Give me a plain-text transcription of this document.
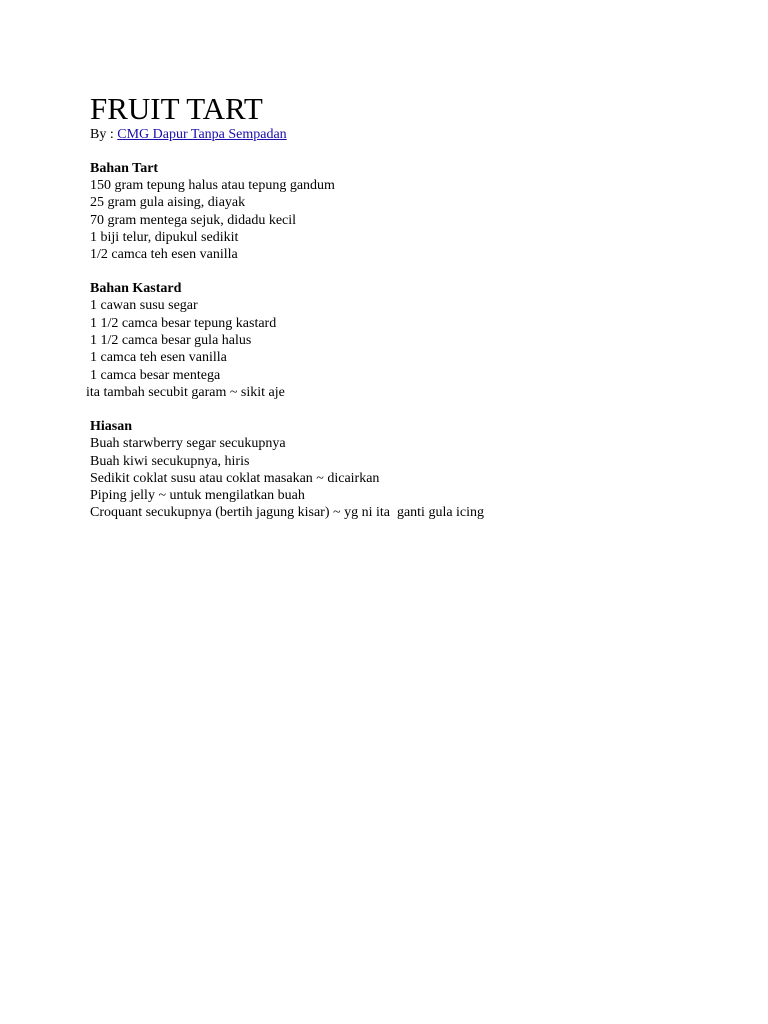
FRUIT TART

By : CMG Dapur Tanpa Sempadan

Bahan Tart

150 gram tepung halus atau tepung gandum

25 gram gula aising, diayak

70 gram mentega sejuk, didadu kecil

1 biji telur, dipukul sedikit

1/2 camca teh esen vanilla

Bahan Kastard

1 cawan susu segar

1 1/2 camca besar tepung kastard

1 1/2 camca besar gula halus

1 camca teh esen vanilla

1 camca besar mentega

ita tambah secubit garam ~ sikit aje

Hiasan

Buah starwberry segar secukupnya

Buah kiwi secukupnya, hiris

Sedikit coklat susu atau coklat masakan ~ dicairkan

Piping jelly ~ untuk mengilatkan buah

Croquant secukupnya (bertih jagung kisar) ~ yg ni ita  ganti gula icing
